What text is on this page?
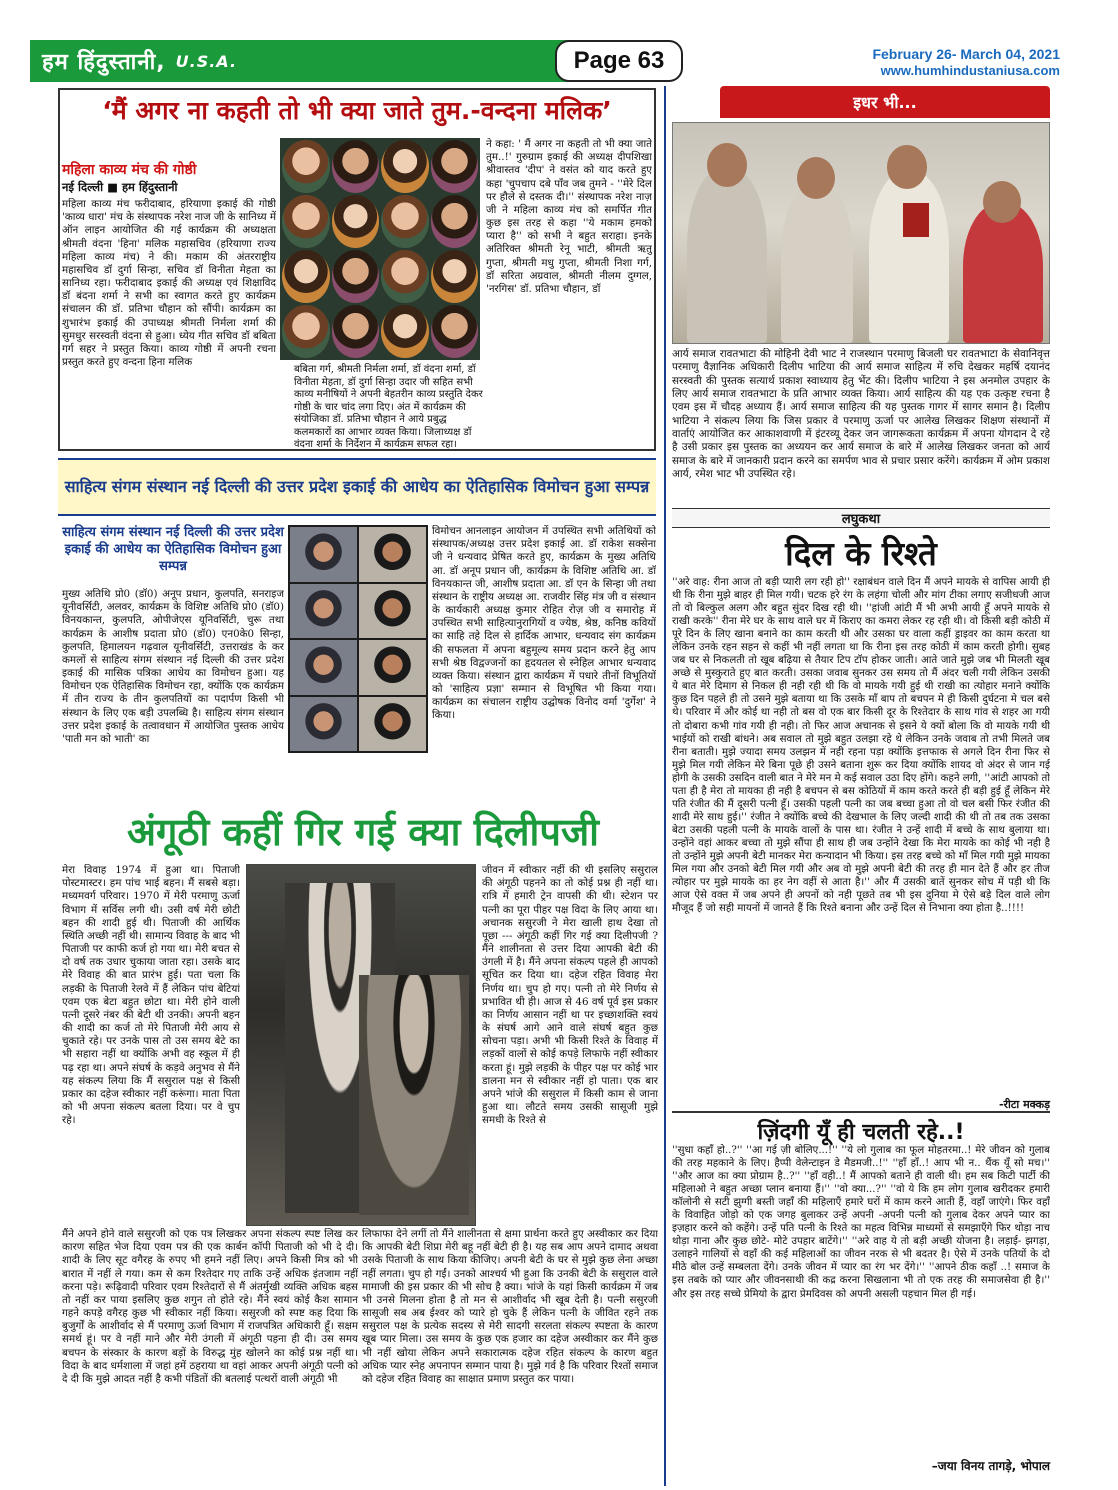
हम हिंदुस्तानी, U.S.A.	Page 63	February 26- March 04, 2021
www.humhindustaniusa.com
‘मैं अगर ना कहती तो भी क्या जाते तुम.-वन्दना मलिक’
महिला काव्य मंच की गोष्ठी
नई दिल्ली ■ हम हिंदुस्तानी
महिला काव्य मंच फरीदाबाद, हरियाणा इकाई की गोष्ठी 'काव्य धारा' मंच के संस्थापक नरेश नाज जी के सानिध्य में ऑन लाइन आयोजित की गई कार्यक्रम की अध्यक्षता श्रीमती वंदना 'हिना' मलिक महासचिव (हरियाणा राज्य महिला काव्य मंच) ने की। मकाम की अंतरराष्ट्रीय महासचिव डॉ दुर्गा सिन्हा, सचिव डॉ विनीता मेहता का सानिध्य रहा। फरीदाबाद इकाई की अध्यक्ष एवं शिक्षाविद डॉ बंदना शर्मा ने सभी का स्वागत करते हुए कार्यक्रम संचालन की डॉ. प्रतिभा चौहान को सौंपी। कार्यक्रम का शुभारंभ इकाई की उपाध्यक्ष श्रीमती निर्मला शर्मा की सुमधुर सरस्वती वंदना से हुआ। ध्येय गीत सचिव डॉ बबिता गर्ग सहर ने प्रस्तुत किया। काव्य गोष्ठी में अपनी रचना प्रस्तुत करते हुए वन्दना हिना मलिक
बबिता गर्ग, श्रीमती निर्मला शर्मा, डॉ वंदना शर्मा, डॉ विनीता मेहता, डॉ दुर्गा सिन्हा उदार जी सहित सभी काव्य मनीषियों ने अपनी बेहतरीन काव्य प्रस्तुति देकर गोष्ठी के चार चांद लगा दिए। अंत में कार्यक्रम की संयोजिका डॉ. प्रतिभा चौहान ने आये प्रबुद्ध कलमकारों का आभार व्यक्त किया। जिलाध्यक्ष डॉ वंदना शर्मा के निर्देशन में कार्यक्रम सफल रहा।
ने कहा: ' मैं अगर ना कहती तो भी क्या जाते तुम..!' गुरुग्राम इकाई की अध्यक्ष दीपशिखा श्रीवास्तव 'दीप' ने वसंत को याद करते हुए कहा 'चुपचाप दबे पाँव जब तुमने - ''मेरे दिल पर हौले से दस्तक दी।'' संस्थापक नरेश नाज़ जी ने महिला काव्य मंच को समर्पित गीत कुछ इस तरह से कहा ''ये मकाम हमको प्यारा है'' को सभी ने बहुत सराहा। इनके अतिरिक्त श्रीमती रेनू भाटी, श्रीमती ऋतु गुप्ता, श्रीमती मधु गुप्ता, श्रीमती निशा गर्ग, डॉ सरिता अग्रवाल, श्रीमती नीलम दुग्गल, 'नरगिस' डॉ. प्रतिभा चौहान, डॉ
साहित्य संगम संस्थान नई दिल्ली की उत्तर प्रदेश इकाई की आधेय का ऐतिहासिक विमोचन हुआ सम्पन्न
साहित्य संगम संस्थान नई दिल्ली की उत्तर प्रदेश इकाई की आधेय का ऐतिहासिक विमोचन हुआ सम्पन्न
मुख्य अतिथि प्रो0 (डॉ0) अनूप प्रधान, कुलपति, सनराइज यूनीवर्सिटी, अलवर, कार्यक्रम के विशिष्ट अतिथि प्रो0 (डॉ0) विनयकान्त, कुलपति, ओपीजेएस यूनिवर्सिटी, चुरू तथा कार्यक्रम के आशीष प्रदाता प्रो0 (डॉ0) एन0के0 सिन्हा, कुलपति, हिमालयन गढ़वाल यूनीवर्सिटी, उत्तराखंड के कर कमलों से साहित्य संगम संस्थान नई दिल्ली की उत्तर प्रदेश इकाई की मासिक पत्रिका आधेय का विमोचन हुआ। यह विमोचन एक ऐतिहासिक विमोचन रहा, क्योंकि एक कार्यक्रम में तीन राज्य के तीन कुलपतियों का पदार्पण किसी भी संस्थान के लिए एक बड़ी उपलब्धि है। साहित्य संगम संस्थान उत्तर प्रदेश इकाई के तत्वावधान में आयोजित पुस्तक आधेय 'पाती मन को भाती' का
विमोचन आनलाइन आयोजन में उपस्थित सभी अतिथियों को संस्थापक/अध्यक्ष उत्तर प्रदेश इकाई आ. डॉ राकेश सक्सेना जी ने धन्यवाद प्रेषित करते हुए, कार्यक्रम के मुख्य अतिथि आ. डॉ अनूप प्रधान जी, कार्यक्रम के विशिष्ट अतिथि आ. डॉ विनयकान्त जी, आशीष प्रदाता आ. डॉ एन के सिन्हा जी तथा संस्थान के राष्ट्रीय अध्यक्ष आ. राजवीर सिंह मंत्र जी व संस्थान के कार्यकारी अध्यक्ष कुमार रोहित रोज़ जी व समारोह में उपस्थित सभी साहित्यानुरागियों व ज्येष्ठ, श्रेष्ठ, कनिष्ठ कवियों का साहि तहे दिल से हार्दिक आभार, धन्यवाद संग कार्यक्रम की सफलता में अपना बहुमूल्य समय प्रदान करने हेतु आप सभी श्रेष्ठ विद्वज्जनों का हृदयतल से स्नेहिल आभार धन्यवाद व्यक्त किया। संस्थान द्वारा कार्यक्रम में पधारे तीनों विभूतियों को 'साहित्य प्रज्ञा' सम्मान से विभूषित भी किया गया। कार्यक्रम का संचालन राष्ट्रीय उद्घोषक विनोद वर्मा 'दुर्गेश' ने किया।
अंगूठी कहीं गिर गई क्या दिलीपजी
मेरा विवाह 1974 में हुआ था। पिताजी पोस्टमास्टर। हम पांच भाई बहन। मैं सबसे बड़ा। मध्यमवर्ग परिवार। 1970 में मेरी परमाणु ऊर्जा विभाग में सर्विस लगी थी। उसी वर्ष मेरी छोटी बहन की शादी हुई थी। पिताजी की आर्थिक स्थिति अच्छी नहीं थी। सामान्य विवाह के बाद भी पिताजी पर काफी कर्ज हो गया था। मेरी बचत से दो वर्ष तक उधार चुकाया जाता रहा। उसके बाद मेरे विवाह की बात प्रारंभ हुई। पता चला कि लड़की के पिताजी रेलवे में हैं लेकिन पांच बेटियां एवम एक बेटा बहुत छोटा था। मेरी होने वाली पत्नी दूसरे नंबर की बेटी थी उनकी। अपनी बहन की शादी का कर्ज तो मेरे पिताजी मेरी आय से चुकाते रहे। पर उनके पास तो उस समय बेटे का भी सहारा नहीं था क्योंकि अभी वह स्कूल में ही पढ़ रहा था। अपने संघर्ष के कड़वे अनुभव से मैंने यह संकल्प लिया कि मैं ससुराल पक्ष से किसी प्रकार का दहेज स्वीकार नहीं करूंगा। माता पिता को भी अपना संकल्प बतला दिया। पर वे चुप रहे।
जीवन में स्वीकार नहीं की थी इसलिए ससुराल की अंगूठी पहनने का तो कोई प्रश्न ही नहीं था। रात्रि में हमारी ट्रेन वापसी की थी। स्टेशन पर पत्नी का पूरा पीहर पक्ष विदा के लिए आया था। अचानक ससुरजी ने मेरा खाली हाथ देखा तो पूछा --- अंगूठी कहीं गिर गई क्या दिलीपजी ? मैंने शालीनता से उत्तर दिया आपकी बेटी की उंगली में है। मैंने अपना संकल्प पहले ही आपको सूचित कर दिया था। दहेज रहित विवाह मेरा निर्णय था। चुप हो गए। पत्नी तो मेरे निर्णय से प्रभावित थी ही। आज से 46 वर्ष पूर्व इस प्रकार का निर्णय आसान नहीं था पर इच्छाशक्ति स्वयं के संघर्ष आगे आने वाले संघर्ष बहुत कुछ सोचना पड़ा। अभी भी किसी रिश्ते के विवाह में लड़कों वालों से कोई कपड़े लिफाफे नहीं स्वीकार करता हूं। मुझे लड़की के पीहर पक्ष पर कोई भार डालना मन से स्वीकार नहीं हो पाता। एक बार अपने भांजे की ससुराल में किसी काम से जाना हुआ था। लौटते समय उसकी सासूजी मुझे समधी के रिश्ते से
मैंने अपने होने वाले ससुरजी को एक पत्र लिखकर अपना संकल्प स्पष्ट लिख कर कारण सहित भेज दिया एवम पत्र की एक कार्बन कॉपी पिताजी को भी दे दी। शादी के लिए सूट वगैरह के रुपए भी हमने नहीं लिए। अपने किसी मित्र को भी बारात में नहीं ले गया। कम से कम रिश्तेदार गए ताकि उन्हें अधिक इंतजाम नहीं करना पड़े। रूढ़िवादी परिवार एवम रिश्तेदारों से मैं अंतर्मुखी व्यक्ति अधिक बहस तो नहीं कर पाया इसलिए कुछ शगुन तो होते रहे। मैंने स्वयं कोई कैश सामान गहने कपड़े वगैरह कुछ भी स्वीकार नहीं किया। ससुरजी को स्पष्ट कह दिया कि बुजुर्गों के आशीर्वाद से मैं परमाणु ऊर्जा विभाग में राजपत्रित अधिकारी हूँ। सक्षम समर्थ हूं। पर वे नहीं माने और मेरी उंगली में अंगूठी पहना ही दी। उस समय बचपन के संस्कार के कारण बड़ों के विरुद्ध मुंह खोलने का कोई प्रश्न नहीं था। विदा के बाद धर्मशाला में जहां हमें ठहराया था वहां आकर अपनी अंगूठी पत्नी को दे दी कि मुझे आदत नहीं है कभी पंडितों की बतलाई पत्थरों वाली अंगूठी भी
लिफाफा देने लगीं तो मैंने शालीनता से क्षमा प्रार्थना करते हुए अस्वीकार कर दिया कि आपकी बेटी शिप्रा मेरी बहू नहीं बेटी ही है। यह सब आप अपने दामाद अथवा उसके पिताजी के साथ किया कीजिए। अपनी बेटी के घर से मुझे कुछ लेना अच्छा नहीं लगता। चुप हो गईं। उनको आश्चर्य भी हुआ कि उनकी बेटी के ससुराल वाले मामाजी की इस प्रकार की भी सोच है क्या। भांजे के यहां किसी कार्यक्रम में जब भी उनसे मिलना होता है तो मन से आशीर्वाद भी खूब देती है। पत्नी ससुरजी सासूजी सब अब ईश्वर को प्यारे हो चुके हैं लेकिन पत्नी के जीवित रहने तक ससुराल पक्ष के प्रत्येक सदस्य से मेरी सादगी सरलता संकल्प स्पष्टता के कारण खूब प्यार मिला। उस समय के कुछ एक हजार का दहेज अस्वीकार कर मैंने कुछ भी नहीं खोया लेकिन अपने सकारात्मक दहेज रहित संकल्प के कारण बहुत अधिक प्यार स्नेह अपनापन सम्मान पाया है। मुझे गर्व है कि परिवार रिश्तों समाज को दहेज रहित विवाह का साक्षात प्रमाण प्रस्तुत कर पाया।
इधर भी...
आर्य समाज रावतभाटा की मोहिनी देवी भाट ने राजस्थान परमाणु बिजली घर रावतभाटा के सेवानिवृत्त परमाणु वैज्ञानिक अधिकारी दिलीप भाटिया की आर्य समाज साहित्य में रुचि देखकर महर्षि दयानंद सरस्वती की पुस्तक सत्यार्थ प्रकाश स्वाध्याय हेतु भेंट की। दिलीप भाटिया ने इस अनमोल उपहार के लिए आर्य समाज रावतभाटा के प्रति आभार व्यक्त किया। आर्य साहित्य की यह एक उत्कृष्ट रचना है एवम इस में चौदह अध्याय हैं। आर्य समाज साहित्य की यह पुस्तक गागर में सागर समान है। दिलीप भाटिया ने संकल्प लिया कि जिस प्रकार वे परमाणु ऊर्जा पर आलेख लिखकर शिक्षण संस्थानों में वार्ताएं आयोजित कर आकाशवाणी में इंटरव्यू देकर जन जागरूकता कार्यक्रम में अपना योगदान दे रहे है उसी प्रकार इस पुस्तक का अध्ययन कर आर्य समाज के बारे में आलेख लिखकर जनता को आर्य समाज के बारे में जानकारी प्रदान करने का समर्पण भाव से प्रचार प्रसार करेंगे। कार्यक्रम में ओम प्रकाश आर्य, रमेश भाट भी उपस्थित रहे।
लघुकथा
दिल के रिश्ते
''अरे वाह: रीना आज तो बड़ी प्यारी लग रही हो'' रक्षाबंधन वाले दिन मैं अपने मायके से वापिस आयी ही थी कि रीना मुझे बाहर ही मिल गयी। चटक हरे रंग के लहंगा चोली और मांग टीका लगाए सजीधजी आज तो वो बिल्कुल अलग और बहुत सुंदर दिख रही थी। ''हांजी आंटी मैं भी अभी आयी हूँ अपने मायके से राखी करके'' रीना मेरे घर के साथ वाले घर में किराए का कमरा लेकर रह रही थी। वो किसी बड़ी कोठी में पूरे दिन के लिए खाना बनाने का काम करती थी और उसका घर वाला कहीं ड्राइवर का काम करता था लेकिन उनके रहन सहन से कहीं भी नहीं लगता था कि रीना इस तरह कोठी में काम करती होगी। सुबह जब घर से निकलती तो खूब बढ़िया से तैयार टिप टॉप होकर जाती। आते जाते मुझे जब भी मिलती खूब अच्छे से मुस्कुराते हुए बात करती। उसका जवाब सुनकर उस समय तो मैं अंदर चली गयी लेकिन उसकी ये बात मेरे दिमाग से निकल ही नही रही थी कि वो मायके गयी हुई थी राखी का त्योहार मनाने क्योंकि कुछ दिन पहले ही तो उसने मुझे बताया था कि उसके माँ बाप तो बचपन मे ही किसी दुर्घटना मे चल बसे थे। परिवार में और कोई था नही तो बस वो एक बार किसी दूर के रिश्तेदार के साथ गांव से शहर आ गयी तो दोबारा कभी गांव गयी ही नही। तो फिर आज अचानक से इसने ये क्यों बोला कि वो मायके गयी थी भाईयों को राखी बांधने। अब सवाल तो मुझे बहुत उलझा रहे थे लेकिन उनके जवाब तो तभी मिलते जब रीना बताती। मुझे ज्यादा समय उलझन में नही रहना पड़ा क्योंकि इत्तफाक से अगले दिन रीना फिर से मुझे मिल गयी लेकिन मेरे बिना पूछे ही उसने बताना शुरू कर दिया क्योंकि शायद वो अंदर से जान गई होगी के उसकी उसदिन वाली बात ने मेरे मन मे कई सवाल उठा दिए होंगे। कहने लगी, ''आंटी आपको तो पता ही है मेरा तो मायका ही नही है बचपन से बस कोठियों में काम करते करते ही बड़ी हुई हूँ लेकिन मेरे पति रंजीत की मैं दूसरी पत्नी हूँ। उसकी पहली पत्नी का जब बच्चा हुआ तो वो चल बसी फिर रंजीत की शादी मेरे साथ हुई।'' रंजीत ने क्योंकि बच्चे की देखभाल के लिए जल्दी शादी की थी तो तब तक उसका बेटा उसकी पहली पत्नी के मायके वालों के पास था। रंजीत ने उन्हें शादी में बच्चे के साथ बुलाया था। उन्होंने वहां आकर बच्चा तो मुझे सौंपा ही साथ ही जब उन्होंने देखा कि मेरा मायके का कोई भी नही है तो उन्होंने मुझे अपनी बेटी मानकर मेरा कन्यादान भी किया। इस तरह बच्चे को माँ मिल गयी मुझे मायका मिल गया और उनको बेटी मिल गयी और अब वो मुझे अपनी बेटी की तरह ही मान देते हैं और हर तीज त्योहार पर मुझे मायके का हर नेग वहीं से आता है।'' और मैं उसकी बातें सुनकर सोच में पड़ी थी कि आज ऐसे वक्त में जब अपने ही अपनों को नही पूछते तब भी इस दुनिया मे ऐसे बड़े दिल वाले लोग मौजूद हैं जो सही मायनों में जानते हैं कि रिश्ते बनाना और उन्हें दिल से निभाना क्या होता है..!!!!
-रीटा मक्कड़
ज़िंदगी यूँ ही चलती रहे..!
''सुधा कहाँ हो..?'' ''आ गई ज़ी बोलिए...!'' ''ये लो गुलाब का फूल मोहतरमा..! मेरे जीवन को गुलाब की तरह महकाने के लिए। हैप्पी वेलेन्टाइन डे मैडमजी..!'' ''हाँ हाँ..! आप भी न.. थैंक यूँ सो मच।'' ''और आज का क्या प्रोग्राम है..?'' ''हाँ वही..! मैं आपको बताने ही वाली थी। हम सब किटी पार्टी की महिलाओ ने बहुत अच्छा प्लान बनाया हैं।'' ''वो क्या...?'' ''वो ये कि हम लोग गुलाब खरीदकर हमारी कॉलोनी से सटी झुग्गी बस्ती जहाँ की महिलाएँ हमारे घरों में काम करने आती हैं, वहाँ जाएंगे। फिर वहाँ के विवाहित जोड़ो को एक जगह बुलाकर उन्हें अपनी -अपनी पत्नी को गुलाब देकर अपने प्यार का इज़हार करने को कहेंगे। उन्हें पति पत्नी के रिश्ते का महत्व विभिन्न माध्यमों से समझाएँगे फिर थोड़ा नाच थोड़ा गाना और कुछ छोटे- मोटे उपहार बाटेंगे।'' ''अरे वाह ये तो बड़ी अच्छी योजना है। लड़ाई- झगड़ा, उलाहने गालियों से वहाँ की कई महिलाओं का जीवन नरक से भी बदतर है। ऐसे में उनके पतियों के दो मीठे बोल उन्हें सम्बलता देंगे। उनके जीवन में प्यार का रंग भर देंगे।'' ''आपने ठीक कहाँ ..! समाज के इस तबके को प्यार और जीवनसाथी की कद्र करना सिखलाना भी तो एक तरह की समाजसेवा ही है।'' और इस तरह सच्चे प्रेमियो के द्वारा प्रेमदिवस को अपनी असली पहचान मिल ही गई।
–जया विनय तागड़े, भोपाल
